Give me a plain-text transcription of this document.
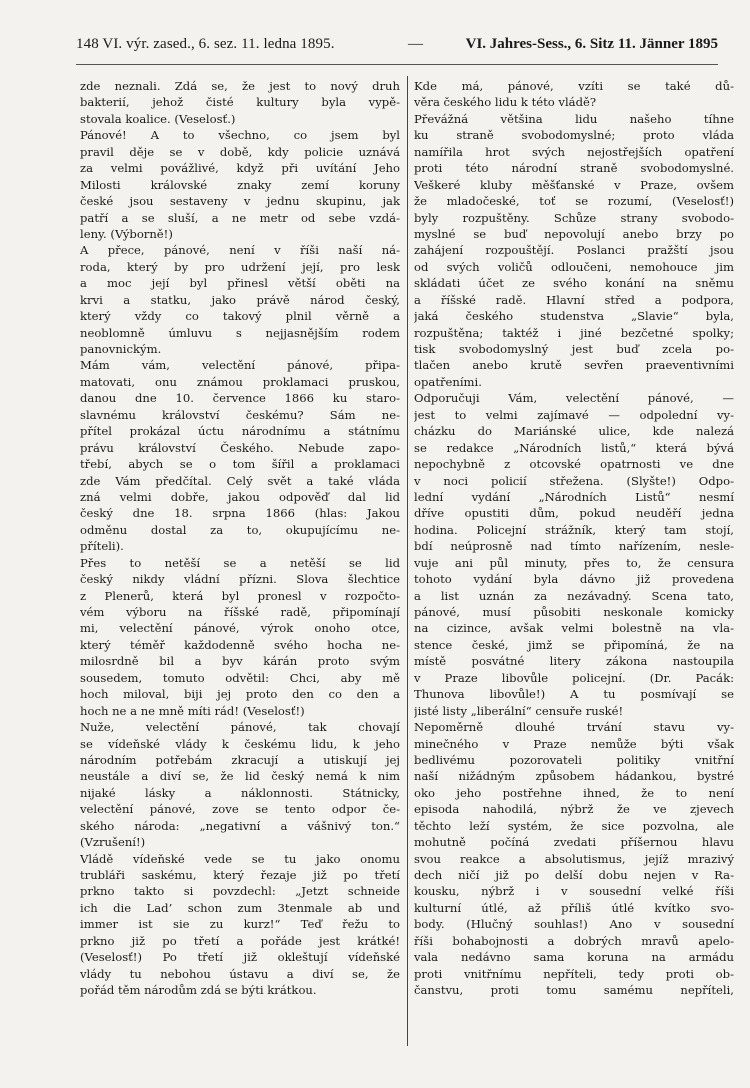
148 VI. výr. zased., 6. sez. 11. ledna 1895.	—	VI. Jahres-Sess., 6. Sitz 11. Jänner 1895
zde neznali. Zdá se, že jest to nový druh
bakterií, jehož čisté kultury byla vypě-
stovala koalice. (Veselosť.)
Pánové! A to všechno, co jsem byl
pravil děje se v době, kdy policie uznává
za velmi povážlivé, když při uvítání Jeho
Milosti královské znaky zemí koruny
české jsou sestaveny v jednu skupinu, jak
patří a se sluší, a ne metr od sebe vzdá-
leny. (Výborně!)
A přece, pánové, není v říši naší ná-
roda, který by pro udržení její, pro lesk
a moc její byl přinesl větší oběti na
krvi a statku, jako právě národ český,
který vždy co takový plnil věrně a
neoblomně úmluvu s nejjasnějším rodem
panovnickým.
Mám vám, velectění pánové, připa-
matovati, onu známou proklamaci pruskou,
danou dne 10. července 1866 ku staro-
slavnému království českému? Sám ne-
přítel prokázal úctu národnímu a státnímu
právu království Českého. Nebude zapo-
třebí, abych se o tom šířil a proklamaci
zde Vám předčítal. Celý svět a také vláda
zná velmi dobře, jakou odpověď dal lid
český dne 18. srpna 1866 (hlas: Jakou
odměnu dostal za to, okupujícímu ne-
příteli).
Přes to netěší se a netěší se lid
český nikdy vládní přízni. Slova šlechtice
z Plenerů, která byl pronesl v rozpočto-
vém výboru na říšské radě, připomínají
mi, velectění pánové, výrok onoho otce,
který téměř každodenně svého hocha ne-
milosrdně bil a byv kárán proto svým
sousedem, tomuto odvětil: Chci, aby mě
hoch miloval, biji jej proto den co den a
hoch ne a ne mně míti rád! (Veselosť!)
Nuže, velectění pánové, tak chovají
se vídeňské vlády k českému lidu, k jeho
národním potřebám zkracují a utiskují jej
neustále a diví se, že lid český nemá k nim
nijaké lásky a náklonnosti. Státnicky,
velectění pánové, zove se tento odpor če-
ského národa: „negativní a vášnivý ton.“
(Vzrušení!)
Vládě vídeňské vede se tu jako onomu
trubláři saskému, který řezaje již po třetí
prkno takto si povzdechl: „Jetzt schneide
ich die Lad’ schon zum 3tenmale ab und
immer ist sie zu kurz!“ Teď řežu to
prkno již po třetí a pořáde jest krátké!
(Veselosť!) Po třetí již okleštují vídeňské
vlády tu nebohou ústavu a diví se, že
pořád těm národům zdá se býti krátkou.
Kde má, pánové, vzíti se také dů-
věra českého lidu k této vládě?
Převážná většina lidu našeho tíhne
ku straně svobodomyslné; proto vláda
namířila hrot svých nejostřejších opatření
proti této národní straně svobodomyslné.
Veškeré kluby měšťanské v Praze, ovšem
že mladočeské, toť se rozumí, (Veselosť!)
byly rozpuštěny. Schůze strany svobodo-
myslné se buď nepovolují anebo brzy po
zahájení rozpouštějí. Poslanci pražští jsou
od svých voličů odloučeni, nemohouce jim
skládati účet ze svého konání na sněmu
a říšské radě. Hlavní střed a podpora,
jaká českého studenstva „Slavie“ byla,
rozpuštěna; taktéž i jiné bezčetné spolky;
tisk svobodomyslný jest buď zcela po-
tlačen anebo krutě sevřen praeventivními
opatřeními.
Odporučuji Vám, velectění pánové, —
jest to velmi zajímavé — odpolední vy-
cházku do Mariánské ulice, kde nalezá
se redakce „Národních listů,“ která bývá
nepochybně z otcovské opatrnosti ve dne
v noci policií střežena. (Slyšte!) Odpo-
lední vydání „Národních Listů“ nesmí
dříve opustiti dům, pokud neuděří jedna
hodina. Policejní strážník, který tam stojí,
bdí neúprosně nad tímto nařízením, nesle-
vuje ani půl minuty, přes to, že censura
tohoto vydání byla dávno již provedena
a list uznán za nezávadný. Scena tato,
pánové, musí působiti neskonale komicky
na cizince, avšak velmi bolestně na vla-
stence české, jimž se připomíná, že na
místě posvátné litery zákona nastoupila
v Praze libovůle policejní. (Dr. Pacák:
Thunova libovůle!) A tu posmívají se
jisté listy „liberální“ censuře ruské!
Nepoměrně dlouhé trvání stavu vy-
minečného v Praze nemůže býti však
bedlivému pozorovateli politiky vnitřní
naší nižádným způsobem hádankou, bystré
oko jeho postřehne ihned, že to není
episoda nahodilá, nýbrž že ve zjevech
těchto leží systém, že sice pozvolna, ale
mohutně počíná zvedati příšernou hlavu
svou reakce a absolutismus, jejíž mrazivý
dech ničí již po delší dobu nejen v Ra-
kousku, nýbrž i v sousední velké říši
kulturní útlé, až příliš útlé kvítko svo-
body. (Hlučný souhlas!) Ano v sousední
říši bohabojnosti a dobrých mravů apelo-
vala nedávno sama koruna na armádu
proti vnitřnímu nepříteli, tedy proti ob-
čanstvu, proti tomu samému nepříteli,
